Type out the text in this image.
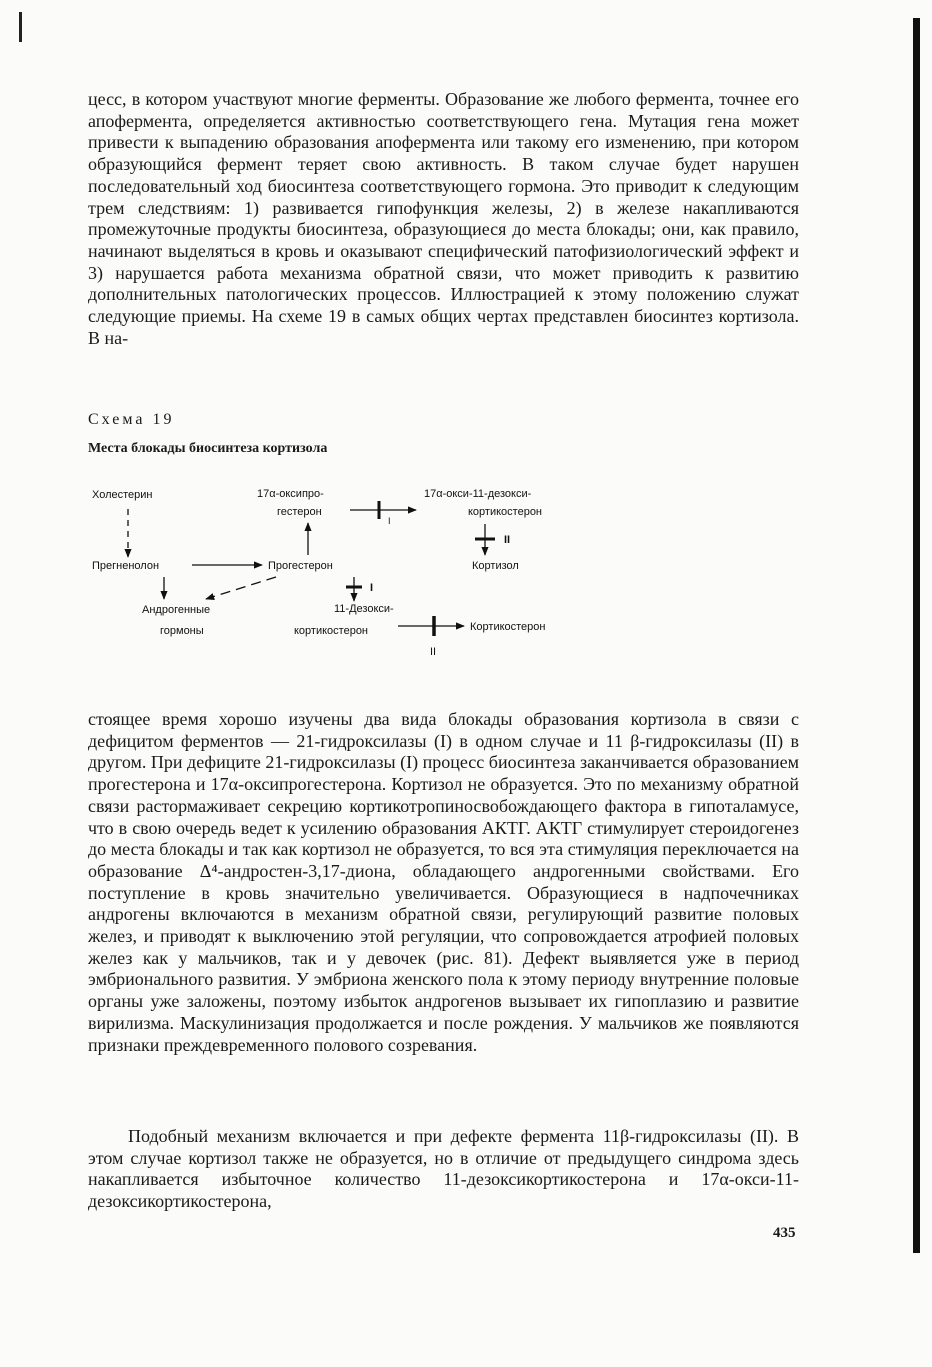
цесс, в котором участвуют многие ферменты. Образование же любого фермента, точнее его апофермента, определяется активностью соответствующего гена. Мутация гена может привести к выпадению образования апофермента или такому его изменению, при котором образующийся фермент теряет свою активность. В таком случае будет нарушен последовательный ход биосинтеза соответствующего гормона. Это приводит к следующим трем следствиям: 1) развивается гипофункция железы, 2) в железе накапливаются промежуточные продукты биосинтеза, образующиеся до места блокады; они, как правило, начинают выделяться в кровь и оказывают специфический патофизиологический эффект и 3) нарушается работа механизма обратной связи, что может приводить к развитию дополнительных патологических процессов. Иллюстрацией к этому положению служат следующие приемы. На схеме 19 в самых общих чертах представлен биосинтез кортизола. В на-

Схема 19
Места блокады биосинтеза кортизола
Холестерин	17α-оксипро-
гестерон
17α-окси-11-дезокси-
кортикостерон
Прегненолон	Прогестерон	Кортизол
Андрогенные
гормоны
11-Дезокси-
кортикостерон	Кортикостерон
I
II
I
II

стоящее время хорошо изучены два вида блокады образования кортизола в связи с дефицитом ферментов — 21-гидроксилазы (I) в одном случае и 11 β-гидроксилазы (II) в другом. При дефиците 21-гидроксилазы (I) процесс биосинтеза заканчивается образованием прогестерона и 17α-оксипрогестерона. Кортизол не образуется. Это по механизму обратной связи растормаживает секрецию кортикотропиносвобождающего фактора в гипоталамусе, что в свою очередь ведет к усилению образования АКТГ. АКТГ стимулирует стероидогенез до места блокады и так как кортизол не образуется, то вся эта стимуляция переключается на образование Δ⁴-андростен-3,17-диона, обладающего андрогенными свойствами. Его поступление в кровь значительно увеличивается. Образующиеся в надпочечниках андрогены включаются в механизм обратной связи, регулирующий развитие половых желез, и приводят к выключению этой регуляции, что сопровождается атрофией половых желез как у мальчиков, так и у девочек (рис. 81). Дефект выявляется уже в период эмбрионального развития. У эмбриона женского пола к этому периоду внутренние половые органы уже заложены, поэтому избыток андрогенов вызывает их гипоплазию и развитие вирилизма. Маскулинизация продолжается и после рождения. У мальчиков же появляются признаки преждевременного полового созревания.

Подобный механизм включается и при дефекте фермента 11β-гидроксилазы (II). В этом случае кортизол также не образуется, но в отличие от предыдущего синдрома здесь накапливается избыточное количество 11-дезоксикортикостерона и 17α-окси-11-дезоксикортикостерона,

435
